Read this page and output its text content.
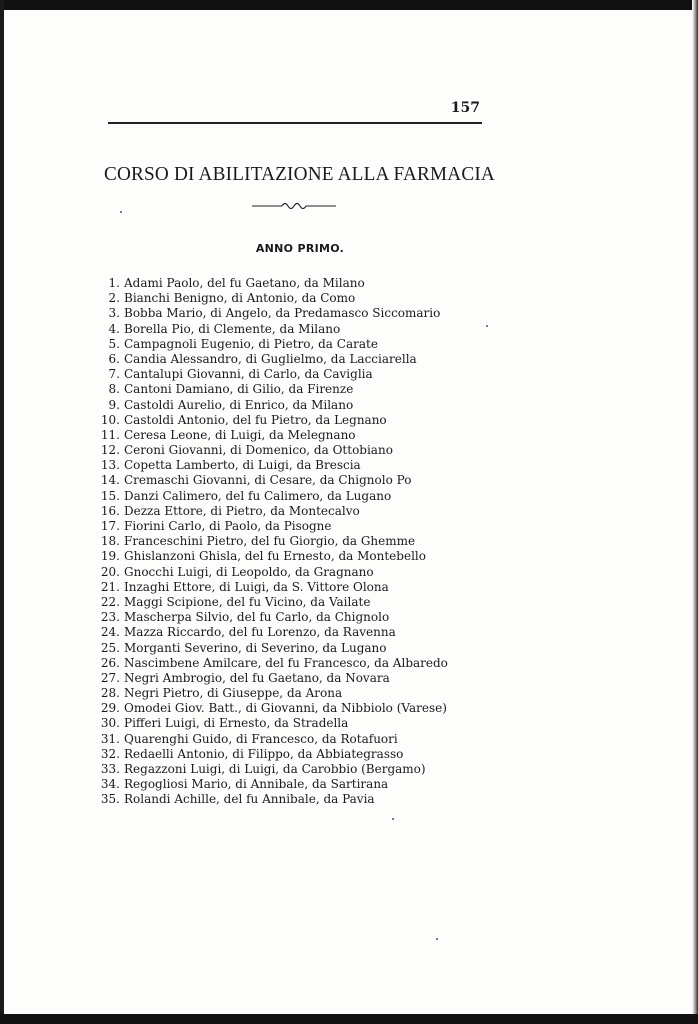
157
CORSO DI ABILITAZIONE ALLA FARMACIA
ANNO PRIMO.
1. Adami Paolo, del fu Gaetano, da Milano
2. Bianchi Benigno, di Antonio, da Como
3. Bobba Mario, di Angelo, da Predamasco Siccomario
4. Borella Pio, di Clemente, da Milano
5. Campagnoli Eugenio, di Pietro, da Carate
6. Candia Alessandro, di Guglielmo, da Lacciarella
7. Cantalupi Giovanni, di Carlo, da Caviglia
8. Cantoni Damiano, di Gilio, da Firenze
9. Castoldi Aurelio, di Enrico, da Milano
10. Castoldi Antonio, del fu Pietro, da Legnano
11. Ceresa Leone, di Luigi, da Melegnano
12. Ceroni Giovanni, di Domenico, da Ottobiano
13. Copetta Lamberto, di Luigi, da Brescia
14. Cremaschi Giovanni, di Cesare, da Chignolo Po
15. Danzi Calimero, del fu Calimero, da Lugano
16. Dezza Ettore, di Pietro, da Montecalvo
17. Fiorini Carlo, di Paolo, da Pisogne
18. Franceschini Pietro, del fu Giorgio, da Ghemme
19. Ghislanzoni Ghisla, del fu Ernesto, da Montebello
20. Gnocchi Luigi, di Leopoldo, da Gragnano
21. Inzaghi Ettore, di Luigi, da S. Vittore Olona
22. Maggi Scipione, del fu Vicino, da Vailate
23. Mascherpa Silvio, del fu Carlo, da Chignolo
24. Mazza Riccardo, del fu Lorenzo, da Ravenna
25. Morganti Severino, di Severino, da Lugano
26. Nascimbene Amilcare, del fu Francesco, da Albaredo
27. Negri Ambrogio, del fu Gaetano, da Novara
28. Negri Pietro, di Giuseppe, da Arona
29. Omodei Giov. Batt., di Giovanni, da Nibbiolo (Varese)
30. Pifferi Luigi, di Ernesto, da Stradella
31. Quarenghi Guido, di Francesco, da Rotafuori
32. Redaelli Antonio, di Filippo, da Abbiategrasso
33. Regazzoni Luigi, di Luigi, da Carobbio (Bergamo)
34. Regogliosi Mario, di Annibale, da Sartirana
35. Rolandi Achille, del fu Annibale, da Pavia
